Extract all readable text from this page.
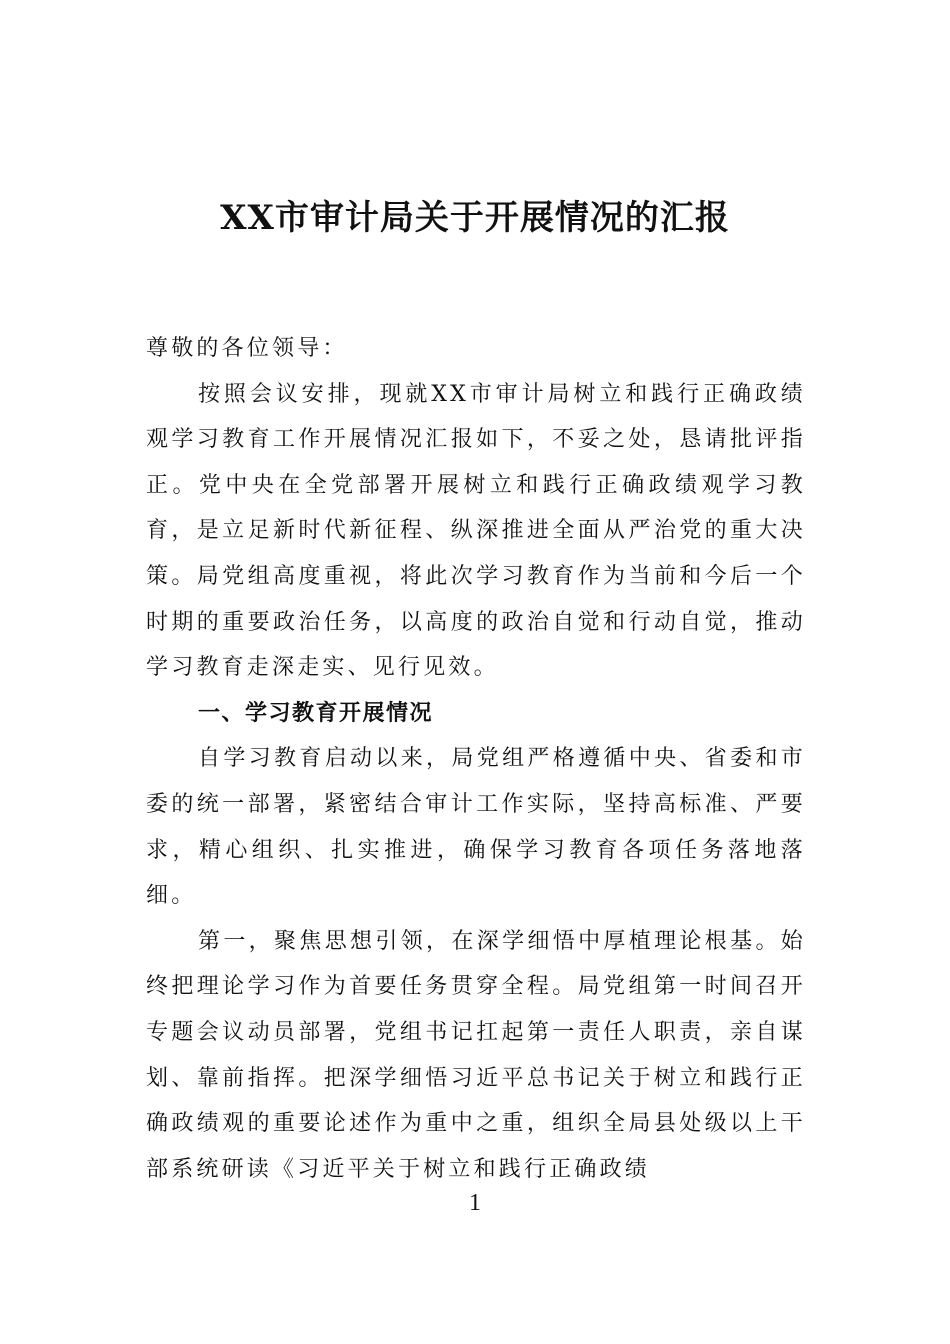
XX市审计局关于开展情况的汇报

尊敬的各位领导：

按照会议安排，现就XX市审计局树立和践行正确政绩观学习教育工作开展情况汇报如下，不妥之处，恳请批评指正。党中央在全党部署开展树立和践行正确政绩观学习教育，是立足新时代新征程、纵深推进全面从严治党的重大决策。局党组高度重视，将此次学习教育作为当前和今后一个时期的重要政治任务，以高度的政治自觉和行动自觉，推动学习教育走深走实、见行见效。

一、学习教育开展情况

自学习教育启动以来，局党组严格遵循中央、省委和市委的统一部署，紧密结合审计工作实际，坚持高标准、严要求，精心组织、扎实推进，确保学习教育各项任务落地落细。

第一，聚焦思想引领，在深学细悟中厚植理论根基。始终把理论学习作为首要任务贯穿全程。局党组第一时间召开专题会议动员部署，党组书记扛起第一责任人职责，亲自谋划、靠前指挥。把深学细悟习近平总书记关于树立和践行正确政绩观的重要论述作为重中之重，组织全局县处级以上干部系统研读《习近平关于树立和践行正确政绩

1
